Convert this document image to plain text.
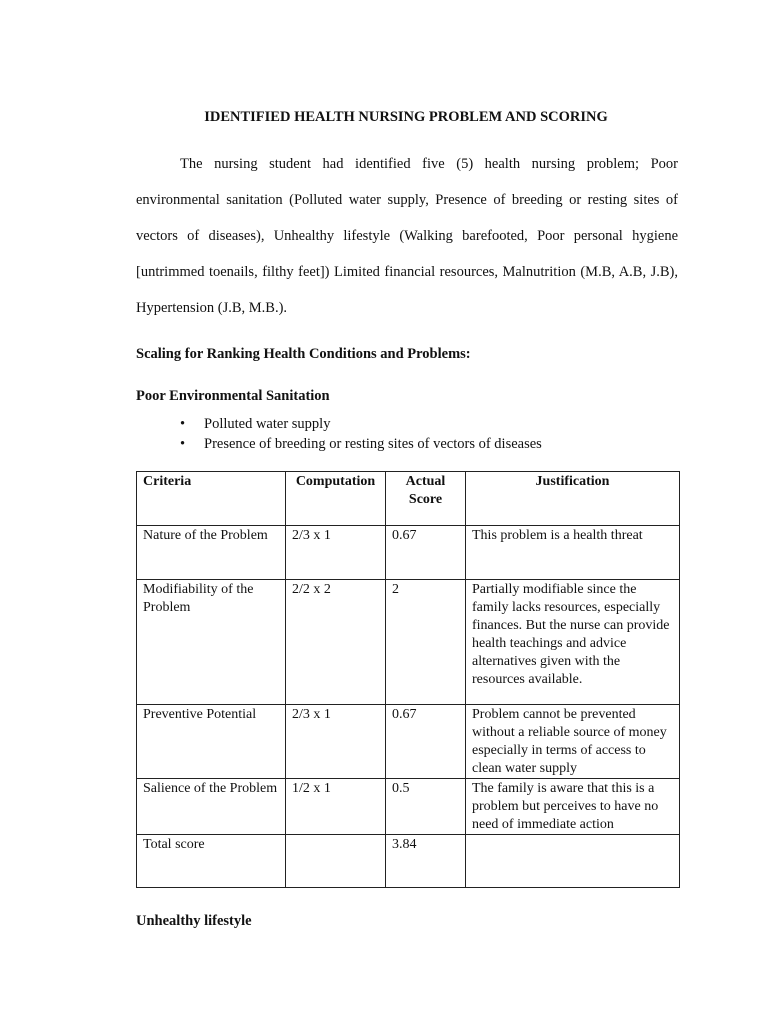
IDENTIFIED HEALTH NURSING PROBLEM AND SCORING

The nursing student had identified five (5) health nursing problem; Poor environmental sanitation (Polluted water supply, Presence of breeding or resting sites of vectors of diseases), Unhealthy lifestyle (Walking barefooted, Poor personal hygiene [untrimmed toenails, filthy feet]) Limited financial resources, Malnutrition (M.B, A.B, J.B), Hypertension (J.B, M.B.).

Scaling for Ranking Health Conditions and Problems:

Poor Environmental Sanitation

• Polluted water supply
• Presence of breeding or resting sites of vectors of diseases
Criteria	Computation	Actual Score	Justification
Nature of the Problem	2/3 x 1	0.67	This problem is a health threat
Modifiability of the Problem	2/2 x 2	2	Partially modifiable since the family lacks resources, especially finances. But the nurse can provide health teachings and advice alternatives given with the resources available.
Preventive Potential	2/3 x 1	0.67	Problem cannot be prevented without a reliable source of money especially in terms of access to clean water supply
Salience of the Problem	1/2 x 1	0.5	The family is aware that this is a problem but perceives to have no need of immediate action
Total score		3.84	

Unhealthy lifestyle
